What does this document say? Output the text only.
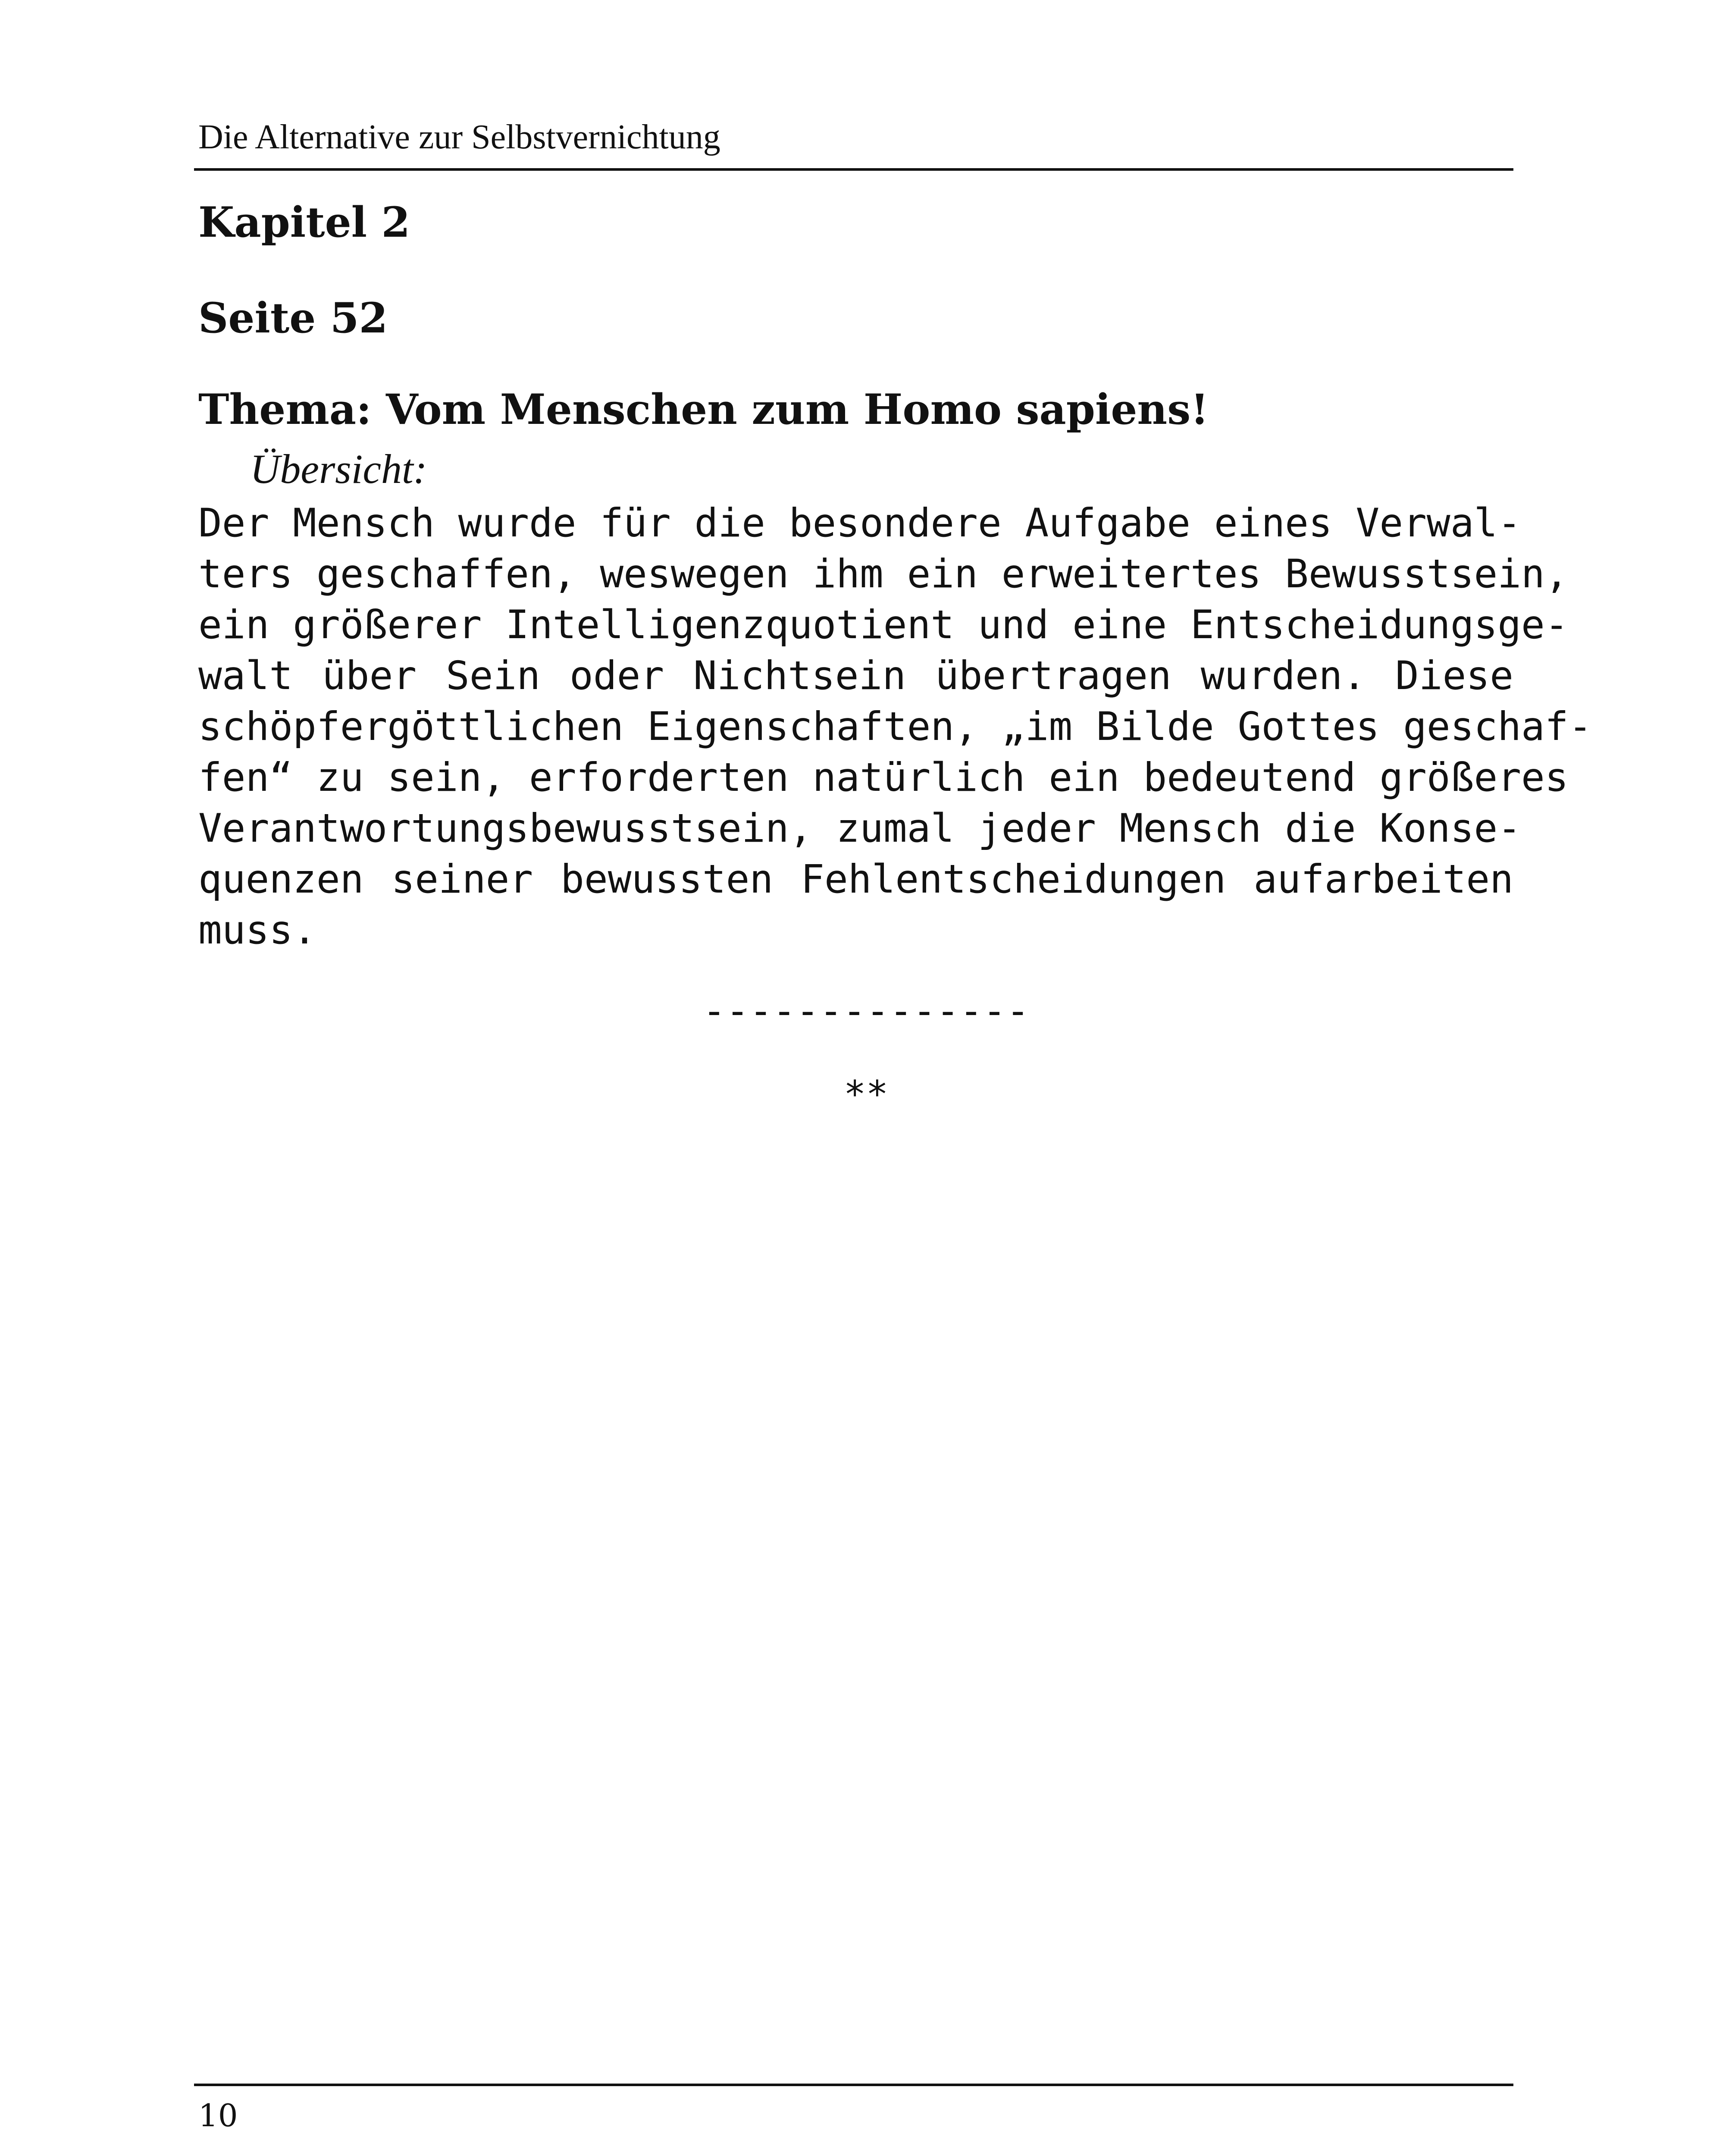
Die Alternative zur Selbstvernichtung
Kapitel 2
Seite 52
Thema: Vom Menschen zum Homo sapiens!
Übersicht:
Der Mensch wurde für die besondere Aufgabe eines Verwal-
ters geschaffen, weswegen ihm ein erweitertes Bewusstsein,
ein größerer Intelligenzquotient und eine Entscheidungsge-
walt über Sein oder Nichtsein übertragen wurden. Diese
schöpfergöttlichen Eigenschaften, „im Bilde Gottes geschaf-
fen“ zu sein, erforderten natürlich ein bedeutend größeres
Verantwortungsbewusstsein, zumal jeder Mensch die Konse-
quenzen seiner bewussten Fehlentscheidungen aufarbeiten
muss.
--------------
**
10
